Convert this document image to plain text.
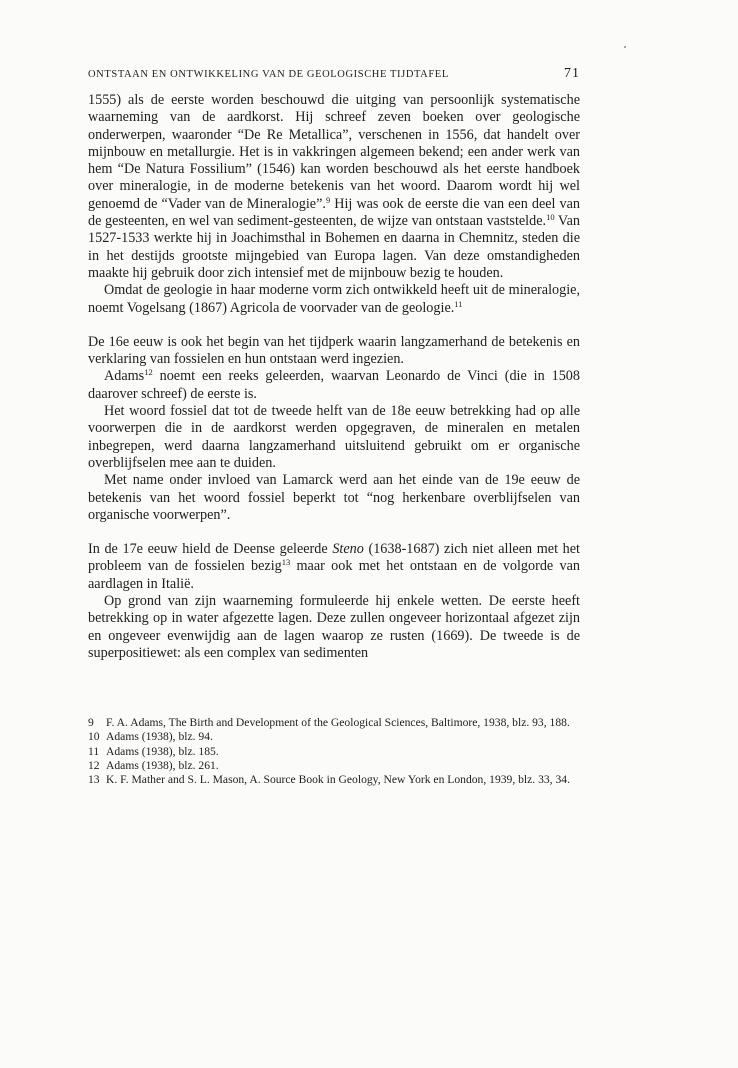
ONTSTAAN EN ONTWIKKELING VAN DE GEOLOGISCHE TIJDTAFEL	71

1555) als de eerste worden beschouwd die uitging van persoonlijk systematische waarneming van de aardkorst. Hij schreef zeven boeken over geologische onderwerpen, waaronder “De Re Metallica”, verschenen in 1556, dat handelt over mijnbouw en metallurgie. Het is in vakkringen algemeen bekend; een ander werk van hem “De Natura Fossilium” (1546) kan worden beschouwd als het eerste handboek over mineralogie, in de moderne betekenis van het woord. Daarom wordt hij wel genoemd de “Vader van de Mineralogie”.$^9$ Hij was ook de eerste die van een deel van de gesteenten, en wel van sediment-gesteenten, de wijze van ontstaan vaststelde.$^{10}$ Van 1527-1533 werkte hij in Joachimsthal in Bohemen en daarna in Chemnitz, steden die in het destijds grootste mijngebied van Europa lagen. Van deze omstandigheden maakte hij gebruik door zich intensief met de mijnbouw bezig te houden.

Omdat de geologie in haar moderne vorm zich ontwikkeld heeft uit de mineralogie, noemt Vogelsang (1867) Agricola de voorvader van de geologie.$^{11}$

De 16e eeuw is ook het begin van het tijdperk waarin langzamerhand de betekenis en verklaring van fossielen en hun ontstaan werd ingezien.

Adams$^{12}$ noemt een reeks geleerden, waarvan Leonardo de Vinci (die in 1508 daarover schreef) de eerste is.

Het woord fossiel dat tot de tweede helft van de 18e eeuw betrekking had op alle voorwerpen die in de aardkorst werden opgegraven, de mineralen en metalen inbegrepen, werd daarna langzamerhand uitsluitend gebruikt om er organische overblijfselen mee aan te duiden.

Met name onder invloed van Lamarck werd aan het einde van de 19e eeuw de betekenis van het woord fossiel beperkt tot “nog herkenbare overblijfselen van organische voorwerpen”.

In de 17e eeuw hield de Deense geleerde Steno (1638-1687) zich niet alleen met het probleem van de fossielen bezig$^{13}$ maar ook met het ontstaan en de volgorde van aardlagen in Italië.

Op grond van zijn waarneming formuleerde hij enkele wetten. De eerste heeft betrekking op in water afgezette lagen. Deze zullen ongeveer horizontaal afgezet zijn en ongeveer evenwijdig aan de lagen waarop ze rusten (1669). De tweede is de superpositiewet: als een complex van sedimenten

9	F. A. Adams, The Birth and Development of the Geological Sciences, Baltimore, 1938, blz. 93, 188.
10 Adams (1938), blz. 94.
11 Adams (1938), blz. 185.
12 Adams (1938), blz. 261.
13 K. F. Mather and S. L. Mason, A. Source Book in Geology, New York en London, 1939, blz. 33, 34.
